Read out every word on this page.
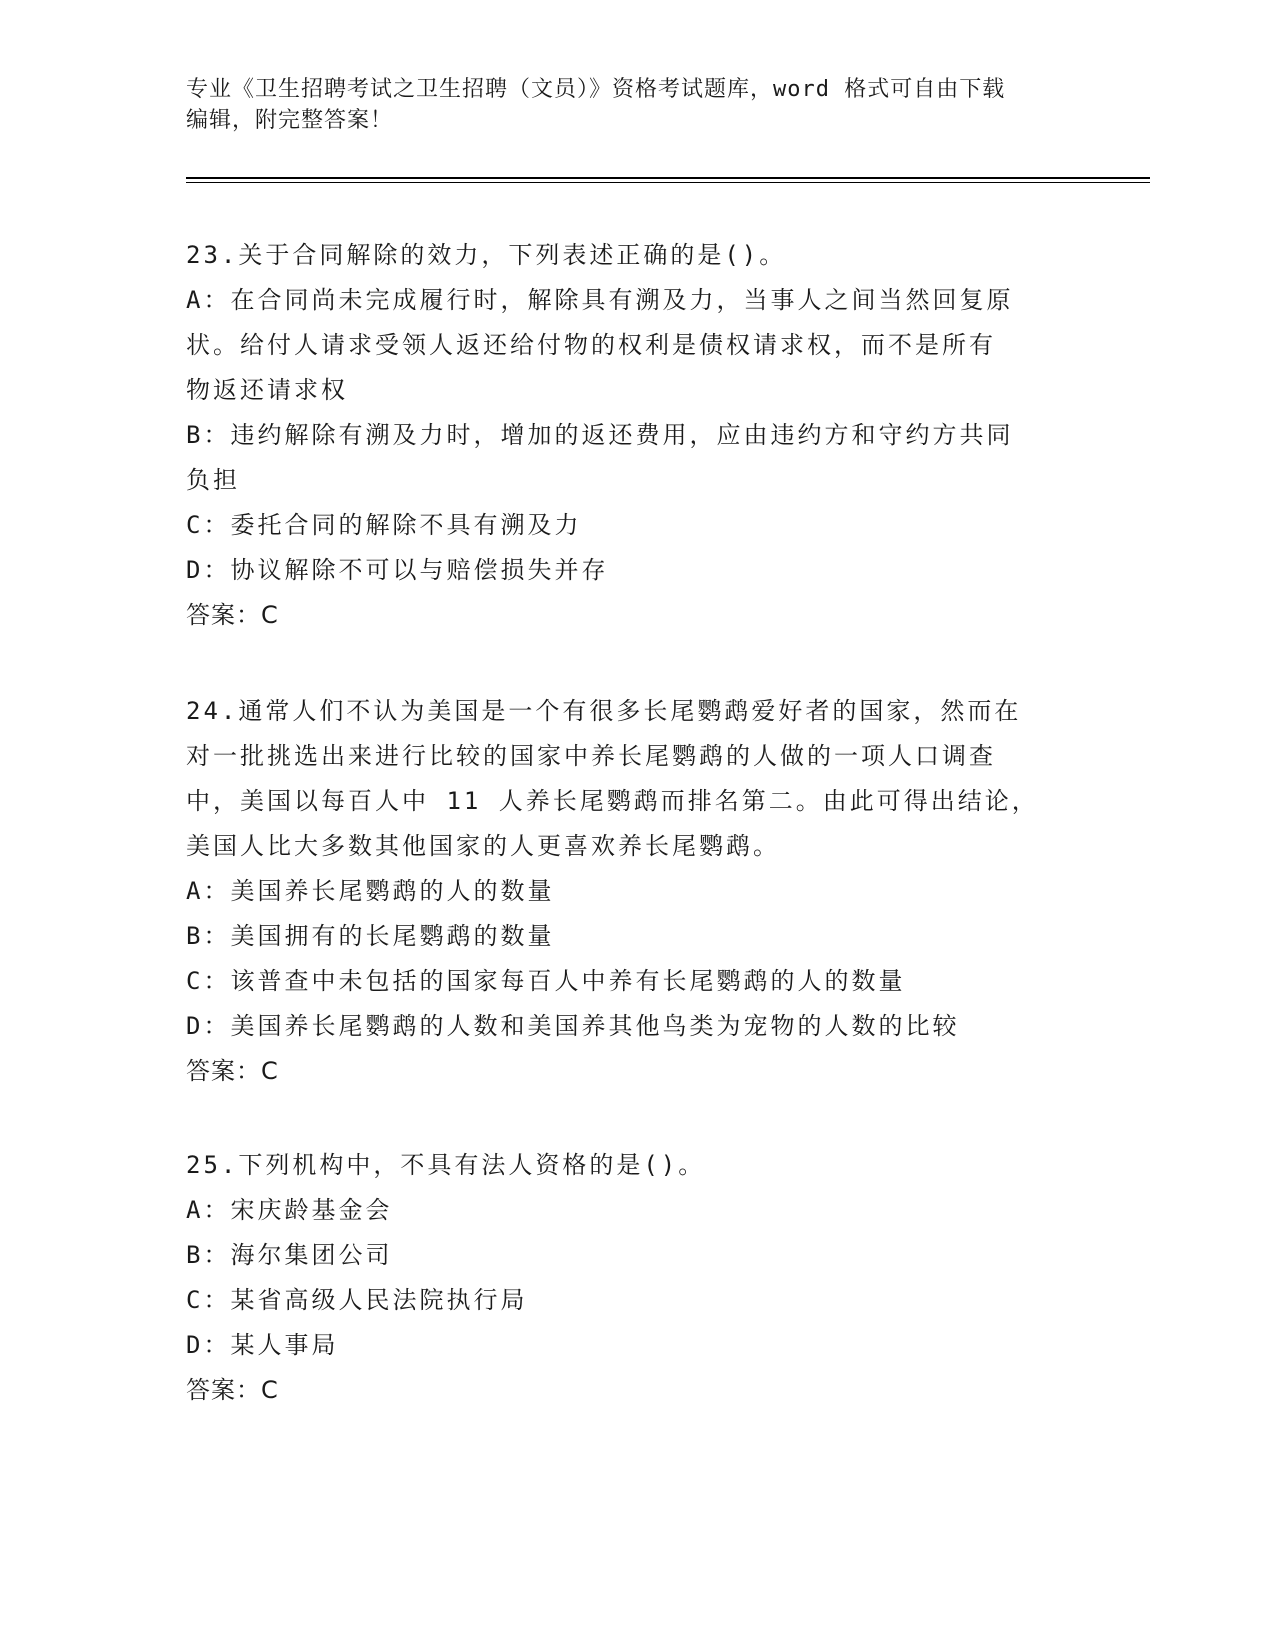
专业《卫生招聘考试之卫生招聘（文员）》资格考试题库，word 格式可自由下载
编辑，附完整答案！
23.关于合同解除的效力，下列表述正确的是()。
A：在合同尚未完成履行时，解除具有溯及力，当事人之间当然回复原
状。给付人请求受领人返还给付物的权利是债权请求权，而不是所有
物返还请求权
B：违约解除有溯及力时，增加的返还费用，应由违约方和守约方共同
负担
C：委托合同的解除不具有溯及力
D：协议解除不可以与赔偿损失并存
答案：C
24.通常人们不认为美国是一个有很多长尾鹦鹉爱好者的国家，然而在
对一批挑选出来进行比较的国家中养长尾鹦鹉的人做的一项人口调查
中，美国以每百人中 11 人养长尾鹦鹉而排名第二。由此可得出结论，
美国人比大多数其他国家的人更喜欢养长尾鹦鹉。
A：美国养长尾鹦鹉的人的数量
B：美国拥有的长尾鹦鹉的数量
C：该普查中未包括的国家每百人中养有长尾鹦鹉的人的数量
D：美国养长尾鹦鹉的人数和美国养其他鸟类为宠物的人数的比较
答案：C
25.下列机构中，不具有法人资格的是()。
A：宋庆龄基金会
B：海尔集团公司
C：某省高级人民法院执行局
D：某人事局
答案：C
